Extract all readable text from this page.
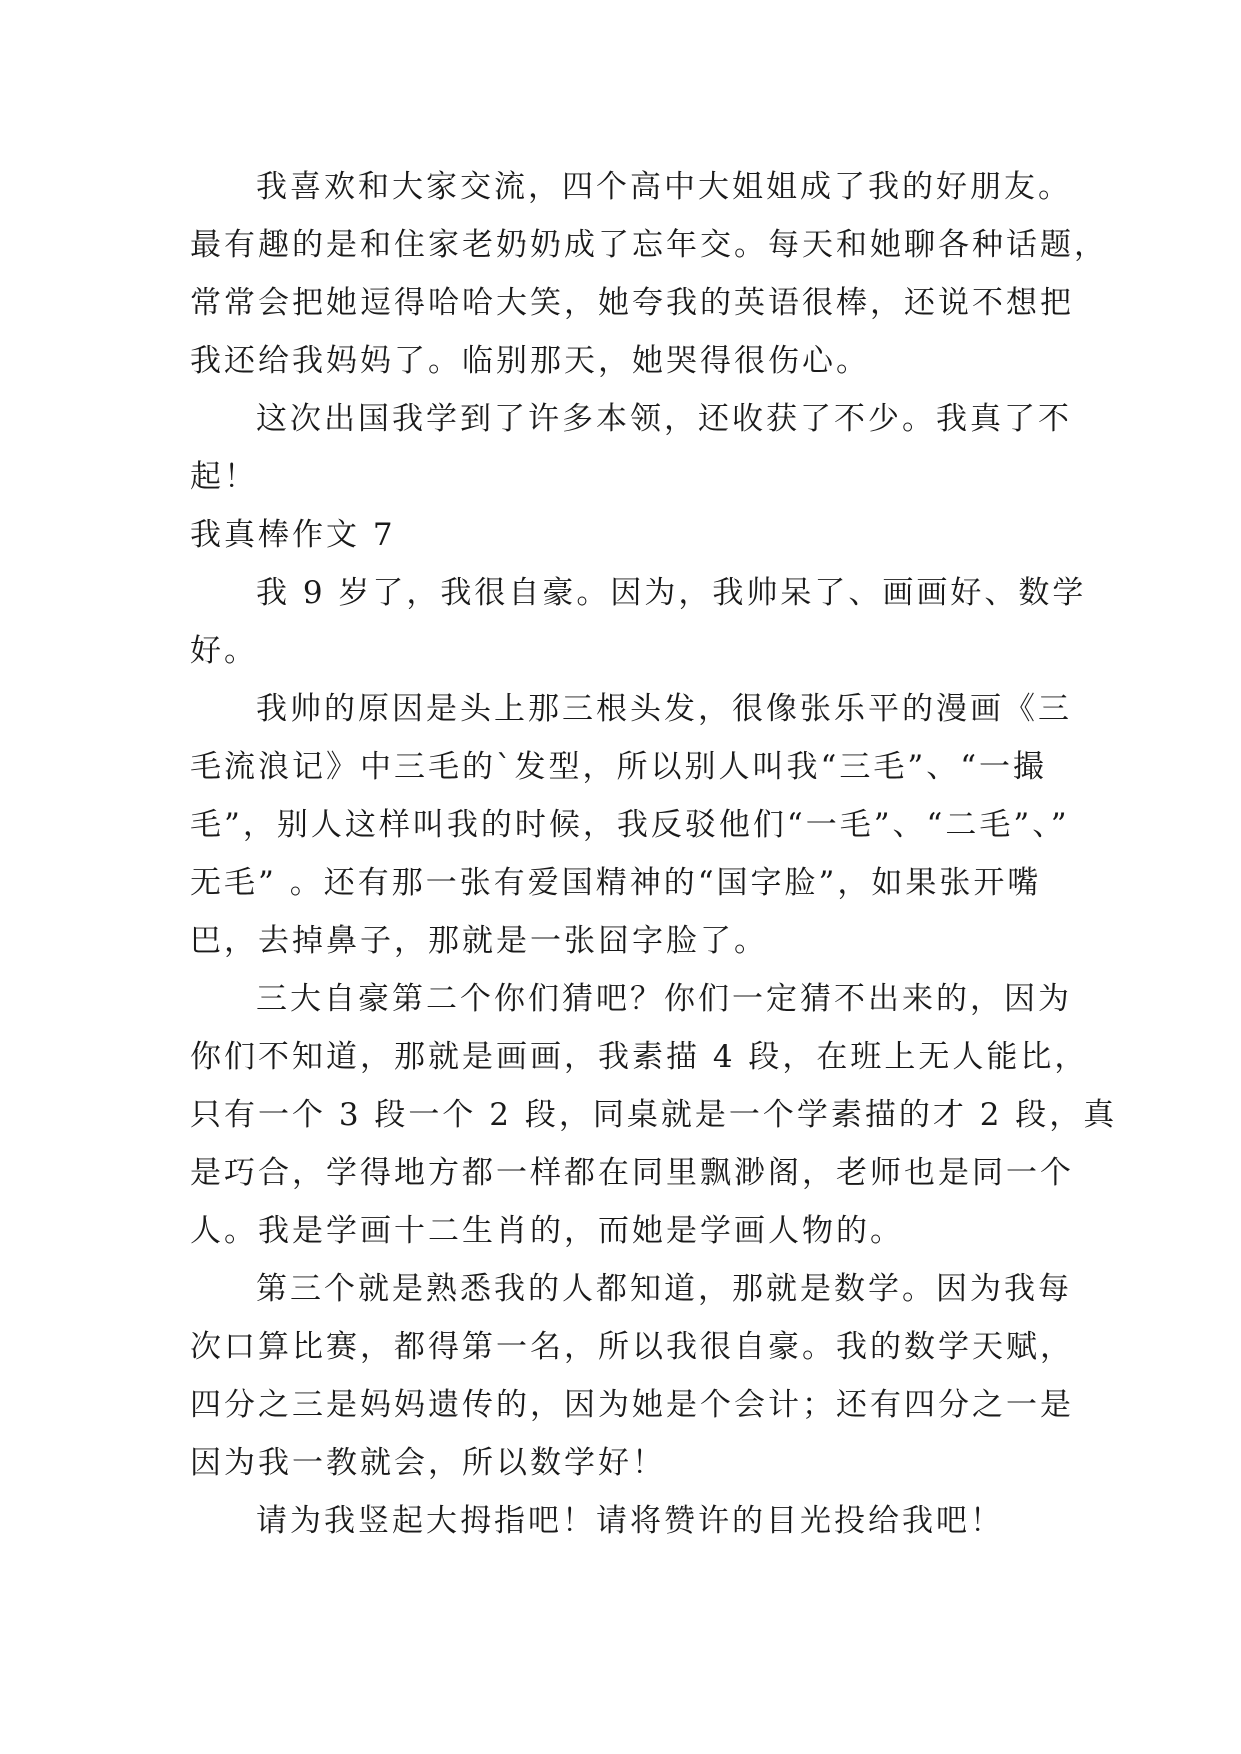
我喜欢和大家交流，四个高中大姐姐成了我的好朋友。
最有趣的是和住家老奶奶成了忘年交。每天和她聊各种话题，
常常会把她逗得哈哈大笑，她夸我的英语很棒，还说不想把
我还给我妈妈了。临别那天，她哭得很伤心。
这次出国我学到了许多本领，还收获了不少。我真了不
起！
我真棒作文 7
我 9 岁了，我很自豪。因为，我帅呆了、画画好、数学
好。
我帅的原因是头上那三根头发，很像张乐平的漫画《三
毛流浪记》中三毛的`发型，所以别人叫我“三毛”、“一撮
毛”，别人这样叫我的时候，我反驳他们“一毛”、“二毛”、”
无毛” 。还有那一张有爱国精神的“国字脸”，如果张开嘴
巴，去掉鼻子，那就是一张囧字脸了。
三大自豪第二个你们猜吧？你们一定猜不出来的，因为
你们不知道，那就是画画，我素描 4 段，在班上无人能比，
只有一个 3 段一个 2 段，同桌就是一个学素描的才 2 段，真
是巧合，学得地方都一样都在同里飘渺阁，老师也是同一个
人。我是学画十二生肖的，而她是学画人物的。
第三个就是熟悉我的人都知道，那就是数学。因为我每
次口算比赛，都得第一名，所以我很自豪。我的数学天赋，
四分之三是妈妈遗传的，因为她是个会计；还有四分之一是
因为我一教就会，所以数学好！
请为我竖起大拇指吧！请将赞许的目光投给我吧！
